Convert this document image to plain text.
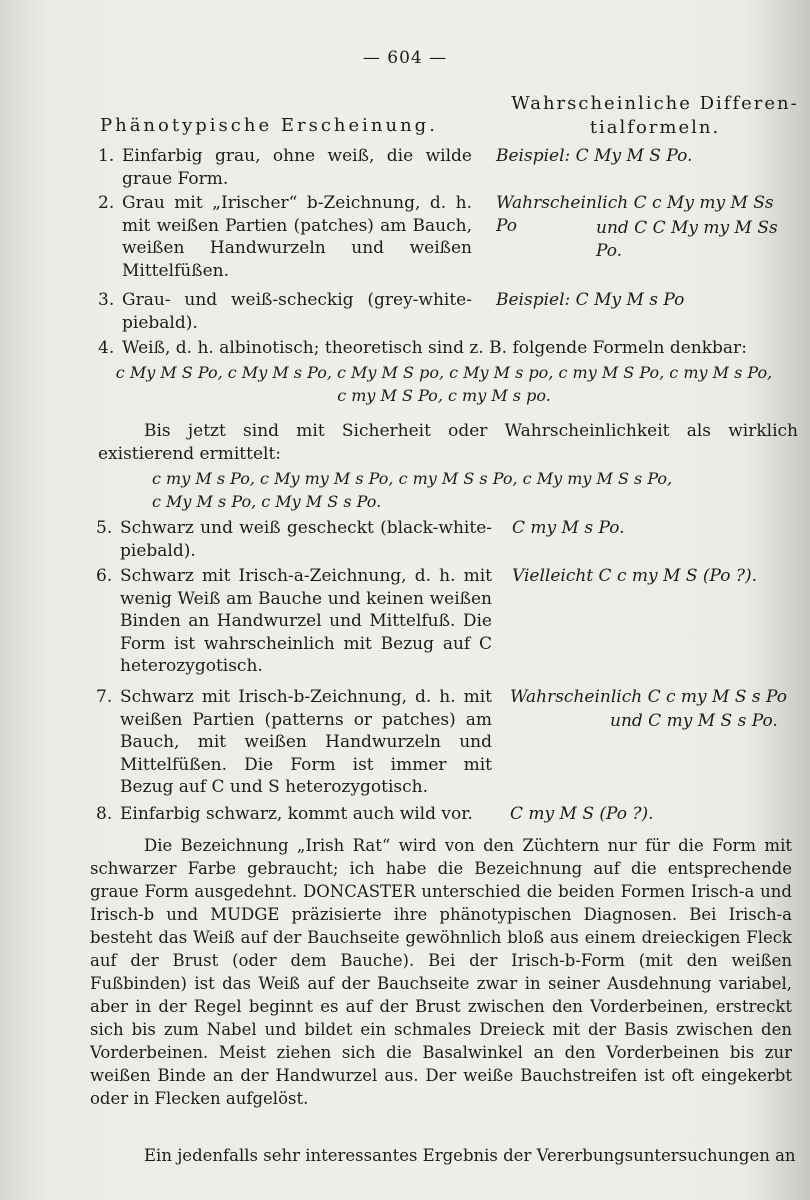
— 604 —
Phänotypische Erscheinung.
Wahrscheinliche Differen-tialformeln.
1. Einfarbig grau, ohne weiß, die wilde graue Form.
Beispiel: C My M S Po.
2. Grau mit „Irischer“ b-Zeichnung, d. h. mit weißen Partien (patches) am Bauch, weißen Handwurzeln und weißen Mittelfüßen.
Wahrscheinlich C c My my M Ss Po	und C C My my M Ss Po.
3. Grau- und weiß-scheckig (grey-white-piebald).
Beispiel: C My M s Po
4. Weiß, d. h. albinotisch; theoretisch sind z. B. folgende Formeln denkbar:
c My M S Po, c My M s Po, c My M S po, c My M s po, c my M S Po, c my M s Po,
c my M S Po, c my M s po.
Bis jetzt sind mit Sicherheit oder Wahrscheinlichkeit als wirklich existierend ermittelt:
c my M s Po, c My my M s Po, c my M S s Po, c My my M S s Po,
c My M s Po, c My M S s Po.
5. Schwarz und weiß gescheckt (black-white-piebald).
C my M s Po.
6. Schwarz mit Irisch-a-Zeichnung, d. h. mit wenig Weiß am Bauche und keinen weißen Binden an Handwurzel und Mittelfuß. Die Form ist wahrscheinlich mit Bezug auf C heterozygotisch.
Vielleicht C c my M S (Po ?).
7. Schwarz mit Irisch-b-Zeichnung, d. h. mit weißen Partien (patterns or patches) am Bauch, mit weißen Handwurzeln und Mittelfüßen. Die Form ist immer mit Bezug auf C und S heterozygotisch.
Wahrscheinlich C c my M S s Po
und C my M S s Po.
8. Einfarbig schwarz, kommt auch wild vor.	C my M S (Po ?).
Die Bezeichnung „Irish Rat“ wird von den Züchtern nur für die Form mit schwarzer Farbe gebraucht; ich habe die Bezeichnung auf die entsprechende graue Form ausgedehnt. DONCASTER unterschied die beiden Formen Irisch-a und Irisch-b und MUDGE präzisierte ihre phänotypischen Diagnosen. Bei Irisch-a besteht das Weiß auf der Bauchseite gewöhnlich bloß aus einem dreieckigen Fleck auf der Brust (oder dem Bauche). Bei der Irisch-b-Form (mit den weißen Fußbinden) ist das Weiß auf der Bauchseite zwar in seiner Ausdehnung variabel, aber in der Regel beginnt es auf der Brust zwischen den Vorderbeinen, erstreckt sich bis zum Nabel und bildet ein schmales Dreieck mit der Basis zwischen den Vorderbeinen. Meist ziehen sich die Basalwinkel an den Vorderbeinen bis zur weißen Binde an der Handwurzel aus. Der weiße Bauchstreifen ist oft eingekerbt oder in Flecken aufgelöst.
Ein jedenfalls sehr interessantes Ergebnis der Vererbungsuntersuchungen an
